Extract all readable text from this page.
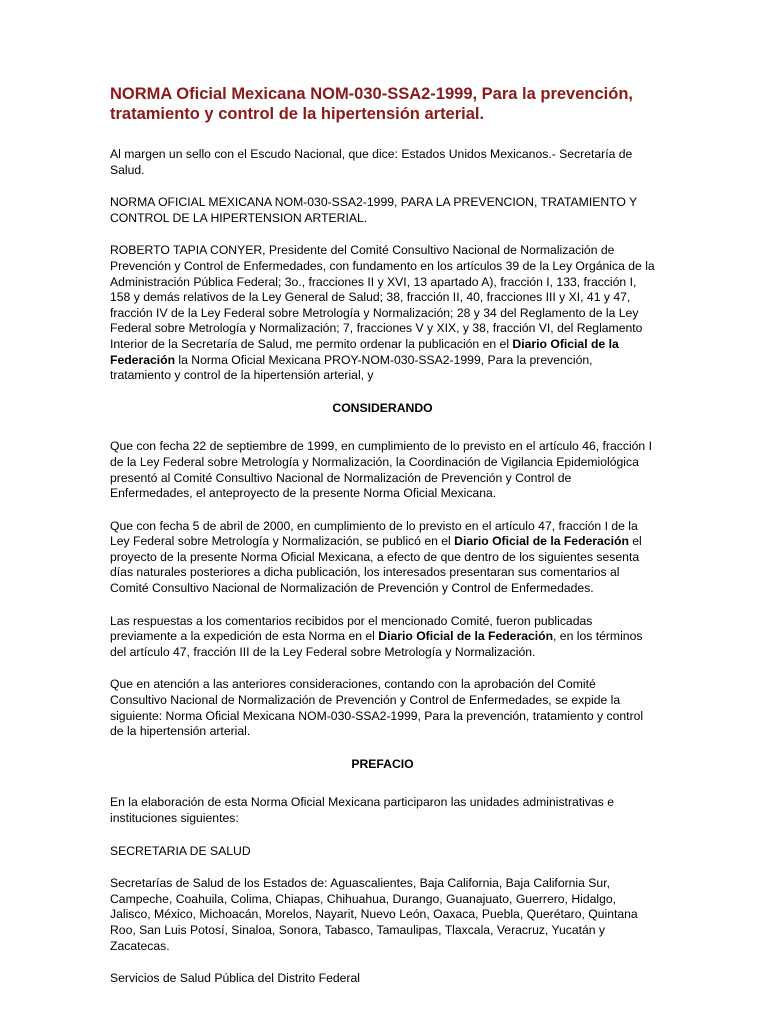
NORMA Oficial Mexicana NOM-030-SSA2-1999, Para la prevención, tratamiento y control de la hipertensión arterial.

Al margen un sello con el Escudo Nacional, que dice: Estados Unidos Mexicanos.- Secretaría de Salud.

NORMA OFICIAL MEXICANA NOM-030-SSA2-1999, PARA LA PREVENCION, TRATAMIENTO Y CONTROL DE LA HIPERTENSION ARTERIAL.

ROBERTO TAPIA CONYER, Presidente del Comité Consultivo Nacional de Normalización de Prevención y Control de Enfermedades, con fundamento en los artículos 39 de la Ley Orgánica de la Administración Pública Federal; 3o., fracciones II y XVI, 13 apartado A), fracción I, 133, fracción I, 158 y demás relativos de la Ley General de Salud; 38, fracción II, 40, fracciones III y XI, 41 y 47, fracción IV de la Ley Federal sobre Metrología y Normalización; 28 y 34 del Reglamento de la Ley Federal sobre Metrología y Normalización; 7, fracciones V y XIX, y 38, fracción VI, del Reglamento Interior de la Secretaría de Salud, me permito ordenar la publicación en el Diario Oficial de la Federación la Norma Oficial Mexicana PROY-NOM-030-SSA2-1999, Para la prevención, tratamiento y control de la hipertensión arterial, y

CONSIDERANDO

Que con fecha 22 de septiembre de 1999, en cumplimiento de lo previsto en el artículo 46, fracción I de la Ley Federal sobre Metrología y Normalización, la Coordinación de Vigilancia Epidemiológica presentó al Comité Consultivo Nacional de Normalización de Prevención y Control de Enfermedades, el anteproyecto de la presente Norma Oficial Mexicana.

Que con fecha 5 de abril de 2000, en cumplimiento de lo previsto en el artículo 47, fracción I de la Ley Federal sobre Metrología y Normalización, se publicó en el Diario Oficial de la Federación el proyecto de la presente Norma Oficial Mexicana, a efecto de que dentro de los siguientes sesenta días naturales posteriores a dicha publicación, los interesados presentaran sus comentarios al Comité Consultivo Nacional de Normalización de Prevención y Control de Enfermedades.

Las respuestas a los comentarios recibidos por el mencionado Comité, fueron publicadas previamente a la expedición de esta Norma en el Diario Oficial de la Federación, en los términos del artículo 47, fracción III de la Ley Federal sobre Metrología y Normalización.

Que en atención a las anteriores consideraciones, contando con la aprobación del Comité Consultivo Nacional de Normalización de Prevención y Control de Enfermedades, se expide la siguiente: Norma Oficial Mexicana NOM-030-SSA2-1999, Para la prevención, tratamiento y control de la hipertensión arterial.

PREFACIO

En la elaboración de esta Norma Oficial Mexicana participaron las unidades administrativas e instituciones siguientes:

SECRETARIA DE SALUD

Secretarías de Salud de los Estados de: Aguascalientes, Baja California, Baja California Sur, Campeche, Coahuila, Colima, Chiapas, Chihuahua, Durango, Guanajuato, Guerrero, Hidalgo, Jalisco, México, Michoacán, Morelos, Nayarit, Nuevo León, Oaxaca, Puebla, Querétaro, Quintana Roo, San Luis Potosí, Sinaloa, Sonora, Tabasco, Tamaulipas, Tlaxcala, Veracruz, Yucatán y Zacatecas.

Servicios de Salud Pública del Distrito Federal
